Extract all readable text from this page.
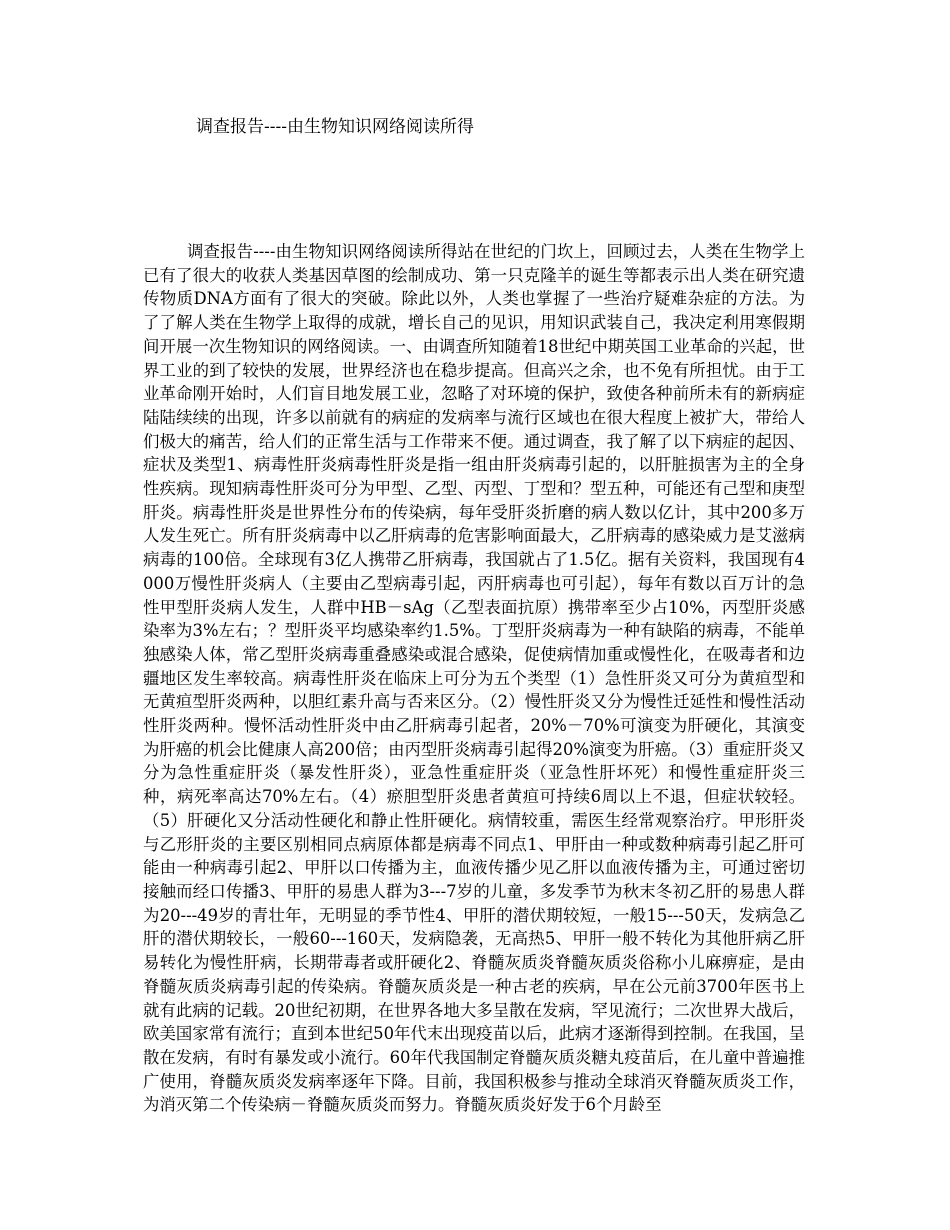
调查报告----由生物知识网络阅读所得

调查报告----由生物知识网络阅读所得站在世纪的门坎上，回顾过去，人类在生物学上已有了很大的收获人类基因草图的绘制成功、第一只克隆羊的诞生等都表示出人类在研究遗传物质DNA方面有了很大的突破。除此以外，人类也掌握了一些治疗疑难杂症的方法。为了了解人类在生物学上取得的成就，增长自己的见识，用知识武装自己，我决定利用寒假期间开展一次生物知识的网络阅读。一、由调查所知随着18世纪中期英国工业革命的兴起，世界工业的到了较快的发展，世界经济也在稳步提高。但高兴之余，也不免有所担忧。由于工业革命刚开始时，人们盲目地发展工业，忽略了对环境的保护，致使各种前所未有的新病症陆陆续续的出现，许多以前就有的病症的发病率与流行区域也在很大程度上被扩大，带给人们极大的痛苦，给人们的正常生活与工作带来不便。通过调查，我了解了以下病症的起因、症状及类型1、病毒性肝炎病毒性肝炎是指一组由肝炎病毒引起的，以肝脏损害为主的全身性疾病。现知病毒性肝炎可分为甲型、乙型、丙型、丁型和？型五种，可能还有己型和庚型肝炎。病毒性肝炎是世界性分布的传染病，每年受肝炎折磨的病人数以亿计，其中200多万人发生死亡。所有肝炎病毒中以乙肝病毒的危害影响面最大，乙肝病毒的感染威力是艾滋病病毒的100倍。全球现有3亿人携带乙肝病毒，我国就占了1.5亿。据有关资料，我国现有4000万慢性肝炎病人（主要由乙型病毒引起，丙肝病毒也可引起），每年有数以百万计的急性甲型肝炎病人发生，人群中HB－sAg（乙型表面抗原）携带率至少占10%，丙型肝炎感染率为3%左右；？型肝炎平均感染率约1.5%。丁型肝炎病毒为一种有缺陷的病毒，不能单独感染人体，常乙型肝炎病毒重叠感染或混合感染，促使病情加重或慢性化，在吸毒者和边疆地区发生率较高。病毒性肝炎在临床上可分为五个类型（1）急性肝炎又可分为黄疸型和无黄疸型肝炎两种，以胆红素升高与否来区分。（2）慢性肝炎又分为慢性迁延性和慢性活动性肝炎两种。慢怀活动性肝炎中由乙肝病毒引起者，20%－70%可演变为肝硬化，其演变为肝癌的机会比健康人高200倍；由丙型肝炎病毒引起得20%演变为肝癌。（3）重症肝炎又分为急性重症肝炎（暴发性肝炎），亚急性重症肝炎（亚急性肝坏死）和慢性重症肝炎三种，病死率高达70%左右。（4）瘀胆型肝炎患者黄疸可持续6周以上不退，但症状较轻。（5）肝硬化又分活动性硬化和静止性肝硬化。病情较重，需医生经常观察治疗。甲形肝炎与乙形肝炎的主要区别相同点病原体都是病毒不同点1、甲肝由一种或数种病毒引起乙肝可能由一种病毒引起2、甲肝以口传播为主，血液传播少见乙肝以血液传播为主，可通过密切接触而经口传播3、甲肝的易患人群为3---7岁的儿童，多发季节为秋末冬初乙肝的易患人群为20---49岁的青壮年，无明显的季节性4、甲肝的潜伏期较短，一般15---50天，发病急乙肝的潜伏期较长，一般60---160天，发病隐袭，无高热5、甲肝一般不转化为其他肝病乙肝易转化为慢性肝病，长期带毒者或肝硬化2、脊髓灰质炎脊髓灰质炎俗称小儿麻痹症，是由脊髓灰质炎病毒引起的传染病。脊髓灰质炎是一种古老的疾病，早在公元前3700年医书上就有此病的记载。20世纪初期，在世界各地大多呈散在发病，罕见流行；二次世界大战后，欧美国家常有流行；直到本世纪50年代末出现疫苗以后，此病才逐渐得到控制。在我国，呈散在发病，有时有暴发或小流行。60年代我国制定脊髓灰质炎糖丸疫苗后，在儿童中普遍推广使用，脊髓灰质炎发病率逐年下降。目前，我国积极参与推动全球消灭脊髓灰质炎工作，为消灭第二个传染病－脊髓灰质炎而努力。脊髓灰质炎好发于6个月龄至
